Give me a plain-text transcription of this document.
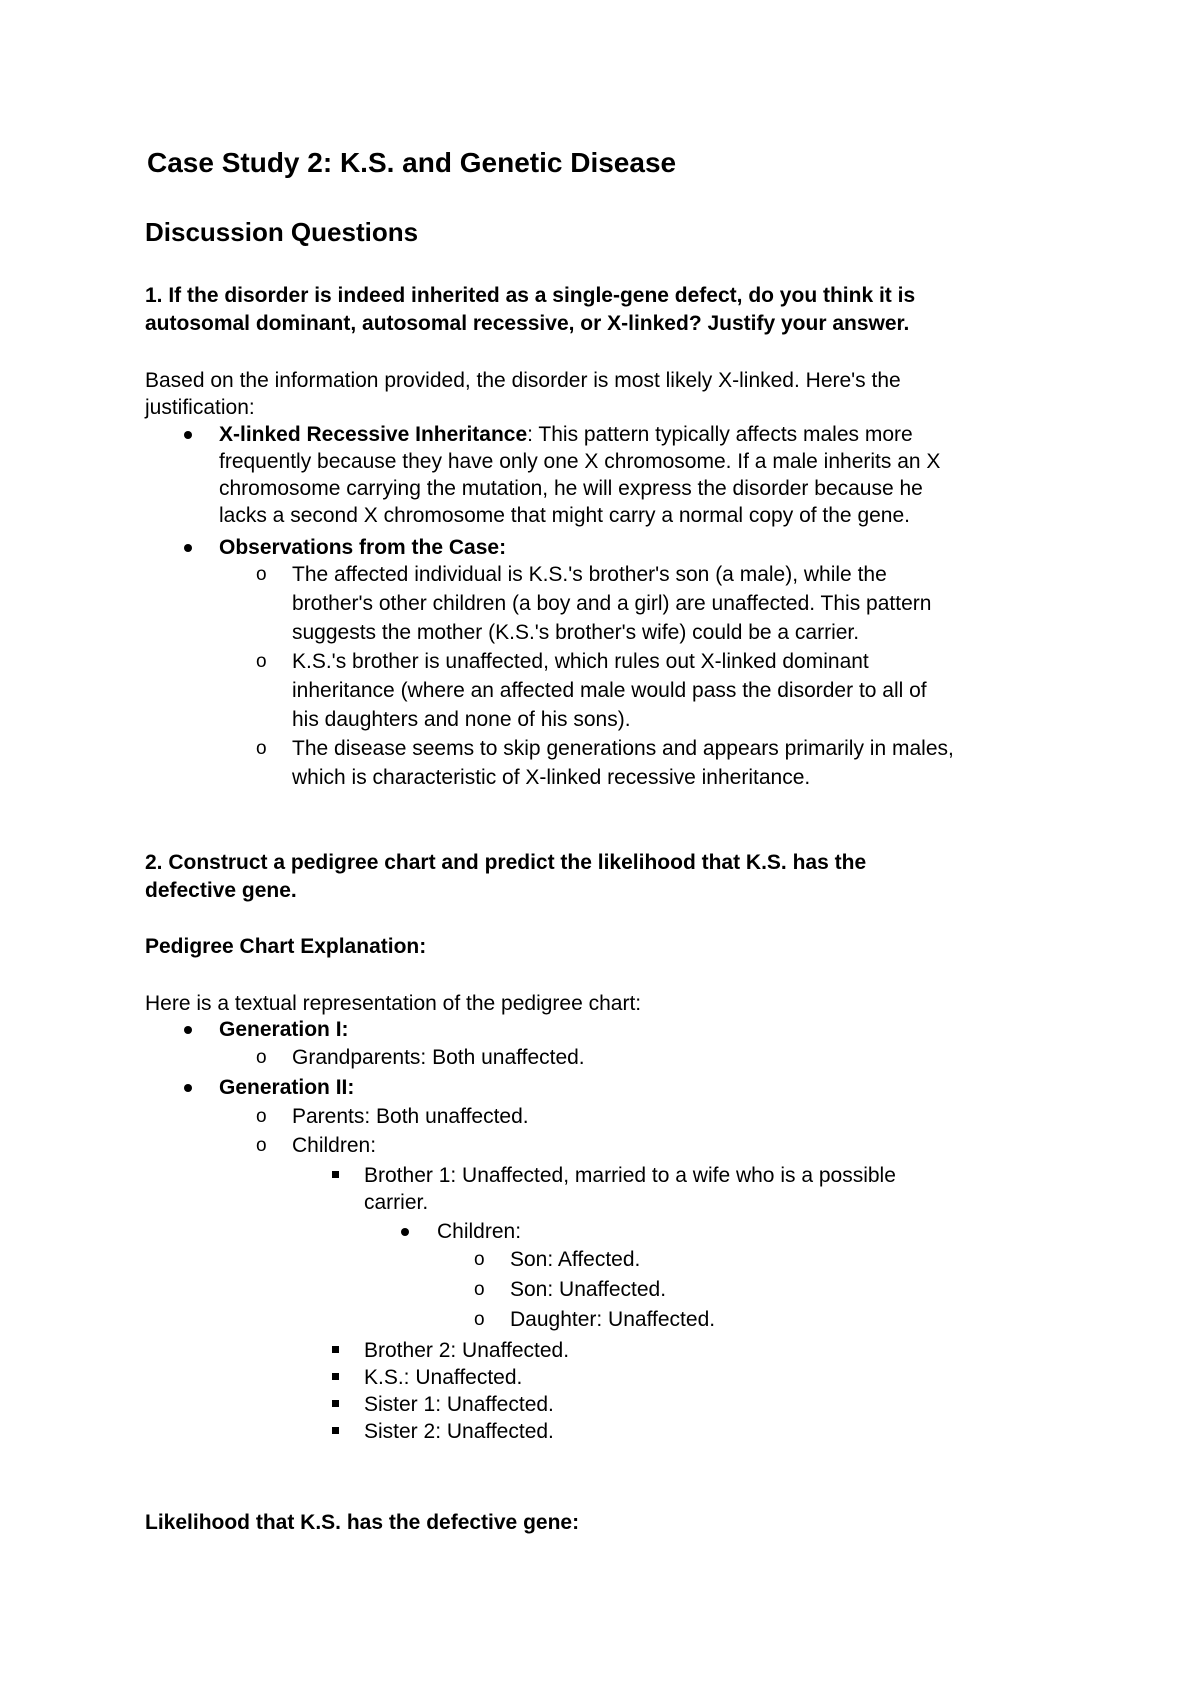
Case Study 2: K.S. and Genetic Disease
Discussion Questions

1. If the disorder is indeed inherited as a single-gene defect, do you think it is

autosomal dominant, autosomal recessive, or X-linked? Justify your answer.

Based on the information provided, the disorder is most likely X-linked. Here's the

justification:

X-linked Recessive Inheritance: This pattern typically affects males more

frequently because they have only one X chromosome. If a male inherits an X

chromosome carrying the mutation, he will express the disorder because he

lacks a second X chromosome that might carry a normal copy of the gene.

Observations from the Case:

o The affected individual is K.S.'s brother's son (a male), while the

brother's other children (a boy and a girl) are unaffected. This pattern

suggests the mother (K.S.'s brother's wife) could be a carrier.

o K.S.'s brother is unaffected, which rules out X-linked dominant

inheritance (where an affected male would pass the disorder to all of

his daughters and none of his sons).

o The disease seems to skip generations and appears primarily in males,

which is characteristic of X-linked recessive inheritance.

2. Construct a pedigree chart and predict the likelihood that K.S. has the

defective gene.

Pedigree Chart Explanation:

Here is a textual representation of the pedigree chart:

Generation I:

o Grandparents: Both unaffected.

Generation II:

o Parents: Both unaffected.

o Children:

Brother 1: Unaffected, married to a wife who is a possible

carrier.

Children:

o Son: Affected.

o Son: Unaffected.

o Daughter: Unaffected.

Brother 2: Unaffected.

K.S.: Unaffected.

Sister 1: Unaffected.

Sister 2: Unaffected.

Likelihood that K.S. has the defective gene:
